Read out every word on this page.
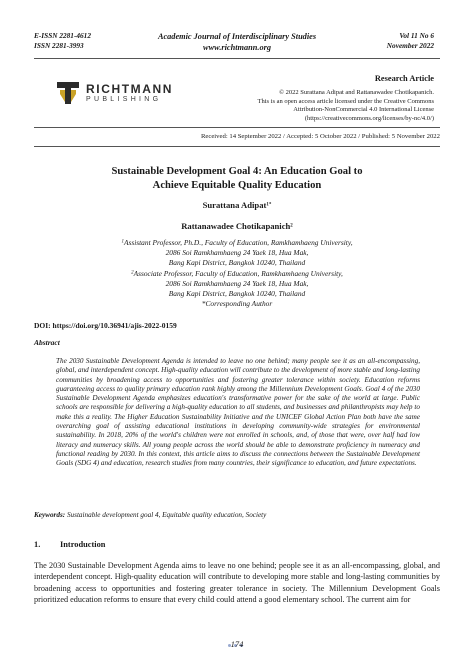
E-ISSN 2281-4612
ISSN 2281-3993
Academic Journal of Interdisciplinary Studies
www.richtmann.org
Vol 11 No 6
November 2022
RICHTMANN
PUBLISHING
Research Article
© 2022 Surattana Adipat and Rattanawadee Chotikapanich.
This is an open access article licensed under the Creative Commons
Attribution-NonCommercial 4.0 International License
(https://creativecommons.org/licenses/by-nc/4.0/)
Received: 14 September 2022 / Accepted: 5 October 2022 / Published: 5 November 2022
Sustainable Development Goal 4: An Education Goal to
Achieve Equitable Quality Education
Surattana Adipat$^{1*}$
Rattanawadee Chotikapanich$^2$
$^1$Assistant Professor, Ph.D., Faculty of Education, Ramkhamhaeng University,
2086 Soi Ramkhamhaeng 24 Yaek 18, Hua Mak,
Bang Kapi District, Bangkok 10240, Thailand
$^2$Associate Professor, Faculty of Education, Ramkhamhaeng University,
2086 Soi Ramkhamhaeng 24 Yaek 18, Hua Mak,
Bang Kapi District, Bangkok 10240, Thailand
*Corresponding Author
DOI: https://doi.org/10.36941/ajis-2022-0159
Abstract
The 2030 Sustainable Development Agenda is intended to leave no one behind; many people see it as an all-encompassing, global, and interdependent concept. High-quality education will contribute to the development of more stable and long-lasting communities by broadening access to opportunities and fostering greater tolerance within society. Education reforms guaranteeing access to quality primary education rank highly among the Millennium Development Goals. Goal 4 of the 2030 Sustainable Development Agenda emphasizes education's transformative power for the sake of the world at large. Public schools are responsible for delivering a high-quality education to all students, and businesses and philanthropists may help to make this a reality. The Higher Education Sustainability Initiative and the UNICEF Global Action Plan both have the same overarching goal of assisting educational institutions in developing community-wide strategies for environmental sustainability. In 2018, 20% of the world's children were not enrolled in schools, and, of those that were, over half had low literacy and numeracy skills. All young people across the world should be able to demonstrate proficiency in numeracy and functional reading by 2030. In this context, this article aims to discuss the connections between the Sustainable Development Goals (SDG 4) and education, research studies from many countries, their significance to education, and future expectations.
Keywords: Sustainable development goal 4, Equitable quality education, Society
1. Introduction
The 2030 Sustainable Development Agenda aims to leave no one behind; people see it as an all-encompassing, global, and interdependent concept. High-quality education will contribute to developing more stable and long-lasting communities by broadening access to opportunities and fostering greater tolerance in society. The Millennium Development Goals prioritized education reforms to ensure that every child could attend a good elementary school. The current aim for
174
